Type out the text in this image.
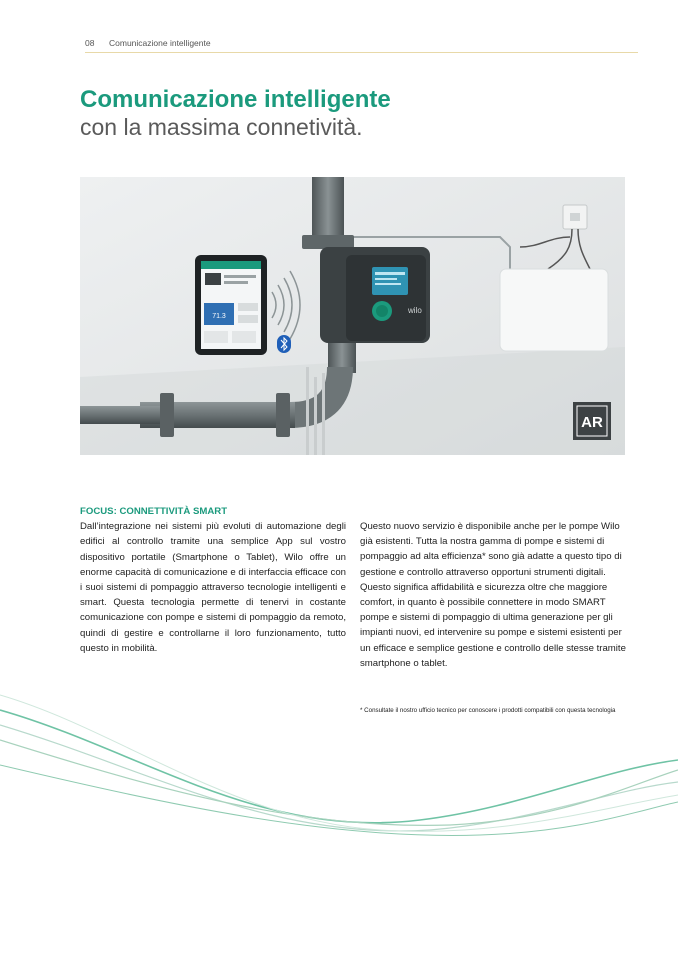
08 Comunicazione intelligente
Comunicazione intelligente
con la massima connetività.
wilo
71.3
AR
FOCUS: CONNETTIVITÀ SMART

Dall’integrazione nei sistemi più evoluti di automazione degli edifici al controllo tramite una semplice App sul vostro dispositivo portatile (Smartphone o Tablet), Wilo offre un enorme capacità di comunicazione e di interfaccia efficace con i suoi sistemi di pompaggio attraverso tecnologie intelligenti e smart. Questa tecnologia permette di tenervi in costante comunicazione con pompe e sistemi di pompaggio da remoto, quindi di gestire e controllarne il loro funzionamento, tutto questo in mobilità.

Questo nuovo servizio è disponibile anche per le pompe Wilo già esistenti. Tutta la nostra gamma di pompe e sistemi di pompaggio ad alta efficienza* sono già adatte a questo tipo di gestione e controllo attraverso opportuni strumenti digitali.

Questo significa affidabilità e sicurezza oltre che maggiore comfort, in quanto è possibile connettere in modo SMART pompe e sistemi di pompaggio di ultima generazione per gli impianti nuovi, ed intervenire su pompe e sistemi esistenti per un efficace e semplice gestione e controllo delle stesse tramite smartphone o tablet.

* Consultate il nostro ufficio tecnico per conoscere i prodotti compatibili con questa tecnologia
